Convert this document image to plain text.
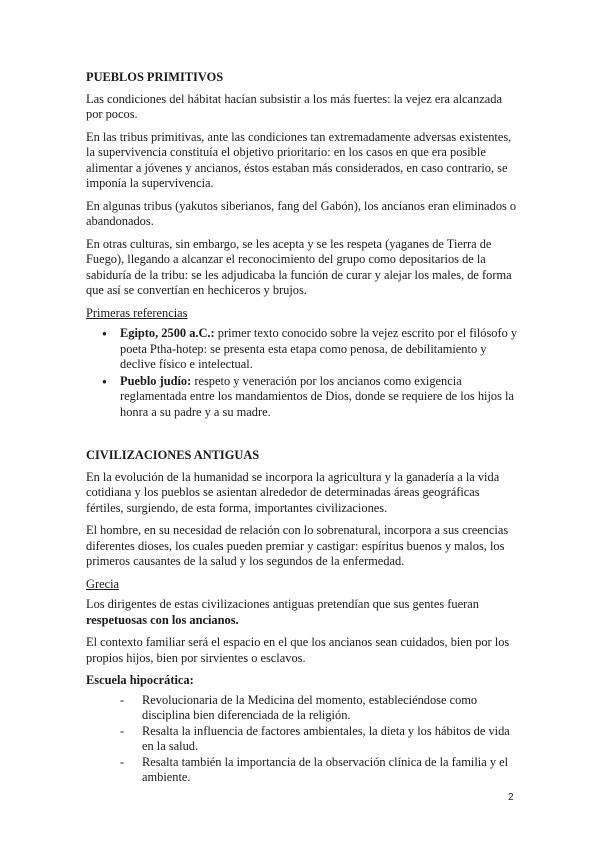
PUEBLOS PRIMITIVOS

Las condiciones del hábitat hacían subsistir a los más fuertes: la vejez era alcanzada por pocos.

En las tribus primitivas, ante las condiciones tan extremadamente adversas existentes, la supervivencia constituía el objetivo prioritario: en los casos en que era posible alimentar a jóvenes y ancianos, éstos estaban más considerados, en caso contrario, se imponía la supervivencia.

En algunas tribus (yakutos siberianos, fang del Gabón), los ancianos eran eliminados o abandonados.

En otras culturas, sin embargo, se les acepta y se les respeta (yaganes de Tierra de Fuego), llegando a alcanzar el reconocimiento del grupo como depositarios de la sabiduría de la tribu: se les adjudicaba la función de curar y alejar los males, de forma que así se convertían en hechiceros y brujos.

Primeras referencias
● Egipto, 2500 a.C.: primer texto conocido sobre la vejez escrito por el filósofo y poeta Ptha-hotep: se presenta esta etapa como penosa, de debilitamiento y declive físico e intelectual.
● Pueblo judío: respeto y veneración por los ancianos como exigencia reglamentada entre los mandamientos de Dios, donde se requiere de los hijos la honra a su padre y a su madre.
CIVILIZACIONES ANTIGUAS

En la evolución de la humanidad se incorpora la agricultura y la ganadería a la vida cotidiana y los pueblos se asientan alrededor de determinadas áreas geográficas fértiles, surgiendo, de esta forma, importantes civilizaciones.

El hombre, en su necesidad de relación con lo sobrenatural, incorpora a sus creencias diferentes dioses, los cuales pueden premiar y castigar: espíritus buenos y malos, los primeros causantes de la salud y los segundos de la enfermedad.

Grecia

Los dirigentes de estas civilizaciones antiguas pretendían que sus gentes fueran respetuosas con los ancianos.

El contexto familiar será el espacio en el que los ancianos sean cuidados, bien por los propios hijos, bien por sirvientes o esclavos.

Escuela hipocrática:

- Revolucionaria de la Medicina del momento, estableciéndose como disciplina bien diferenciada de la religión.
- Resalta la influencia de factores ambientales, la dieta y los hábitos de vida en la salud.
- Resalta también la importancia de la observación clínica de la familia y el ambiente.
2
